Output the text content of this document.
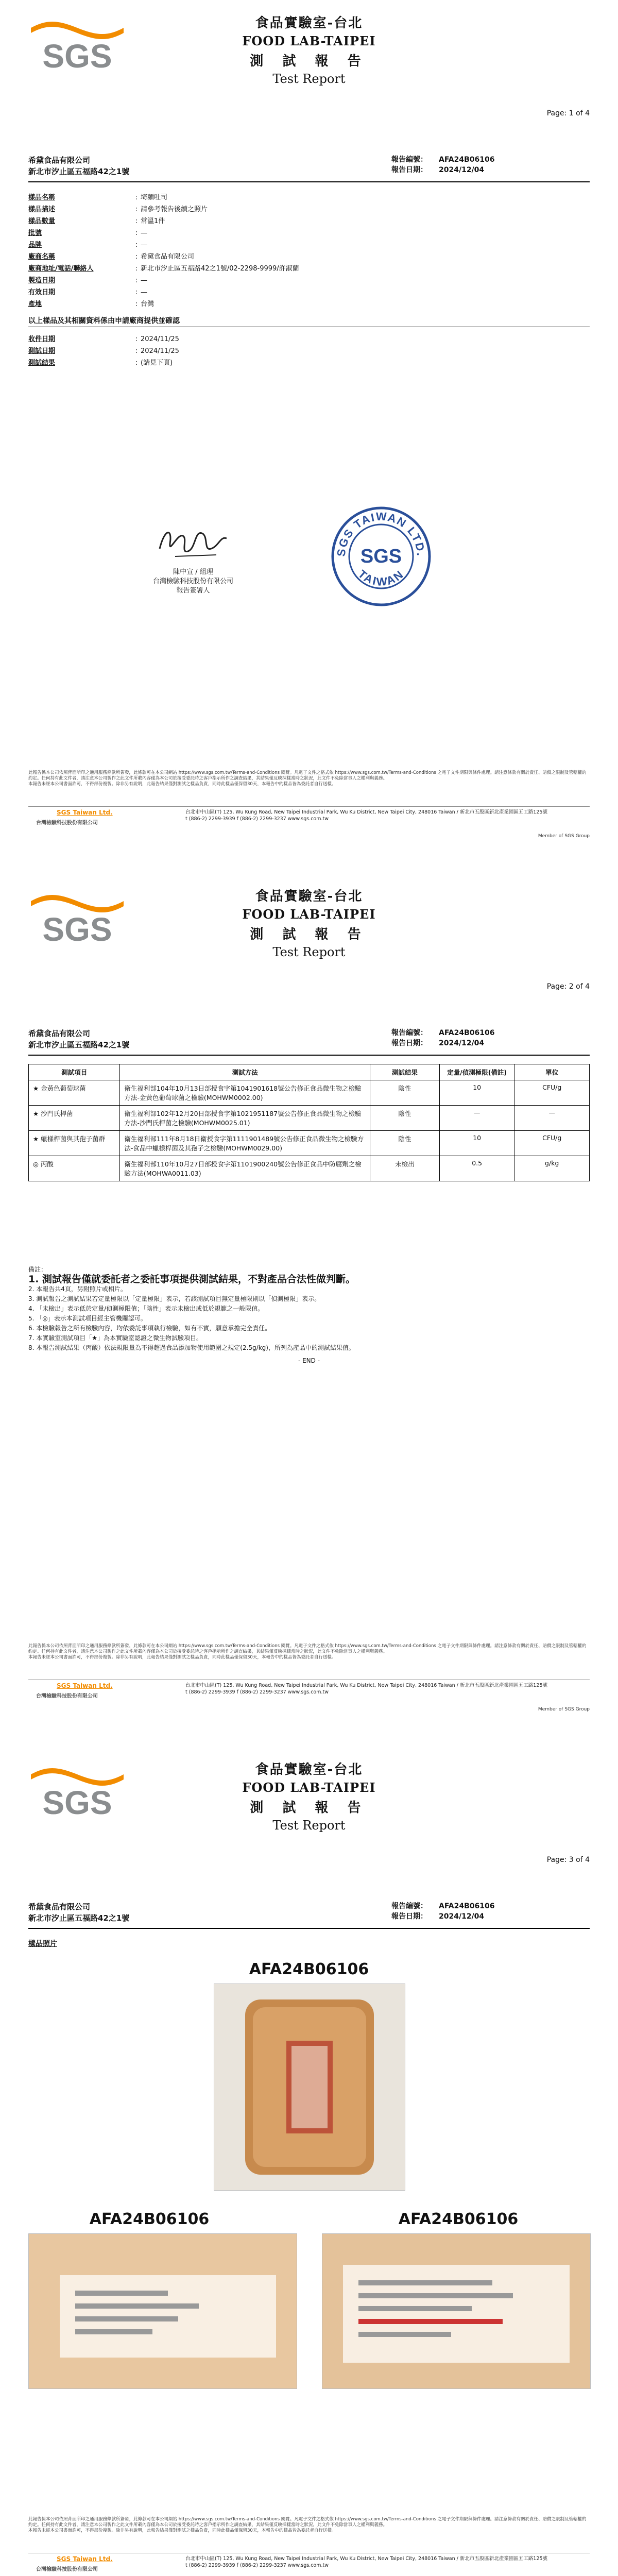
SGS
食品實驗室-台北
FOOD LAB-TAIPEI
測 試 報 告
Test Report
Page: 1 of 4
希黛食品有限公司
新北市汐止區五福路42之1號
報告編號： AFA24B06106
報告日期： 2024/12/04
以上樣品及其相關資料係由申請廠商提供並確認
陳中宣 / 組理
台灣檢驗科技股份有限公司
報告簽署人
SGS TAIWAN LTD.
SGS
TAIWAN
此報告係本公司依照背面所印之通用服務條款所簽發，此條款可在本公司網站 https://www.sgs.com.tw/Terms-and-Conditions 閱覽。凡電子文件之格式依 https://www.sgs.com.tw/Terms-and-Conditions 之電子文件期限與條件處理。請注意條款有關於責任、賠償之限制及管轄權的約定。任何持有此文件者，請注意本公司製作之此文件所載內容僅為本公司於接受委託時之客戶指示所作之調查結果，其結果僅反映採樣當時之狀況，此文件不免除當事人之權利與義務。
本報告未經本公司書面許可，不得部份複製。除非另有說明，此報告結果僅對測試之樣品負責，同時此樣品僅保留30天，本報告中的樣品皆為委託者自行送樣。
SGS Taiwan Ltd.	台北市中山區(T) 125, Wu Kung Road, New Taipei Industrial Park, Wu Ku District, New Taipei City, 248016 Taiwan / 新北市五股區新北產業園區五工路125號
t (886-2) 2299-3939 f (886-2) 2299-3237 www.sgs.com.tw
台灣檢驗科技股份有限公司
Member of SGS Group
樣品名稱	: 埼麵吐司
樣品描述	: 請參考報告後續之照片
樣品數量	: 常溫1件
批號	: —
品牌	: —
廠商名稱	: 希黛食品有限公司
廠商地址/電話/聯絡人	: 新北市汐止區五福路42之1號/02-2298-9999/許淑蘭
製造日期	: —
有效日期	: —
產地	: 台灣
收件日期	: 2024/11/25
測試日期	: 2024/11/25
測試結果	: (請見下頁)
SGS
食品實驗室-台北
FOOD LAB-TAIPEI
測 試 報 告
Test Report
Page: 2 of 4
希黛食品有限公司
新北市汐止區五福路42之1號
報告編號： AFA24B06106
報告日期： 2024/12/04
測試項目	測試方法	測試結果	定量/偵測極限(備註)	單位
★ 金黃色葡萄球菌	衛生福利部104年10月13日部授食字第1041901618號公告修正食品微生物之檢驗方法-金黃色葡萄球菌之檢驗(MOHWM0002.00)	陰性	10	CFU/g
★ 沙門氏桿菌	衛生福利部102年12月20日部授食字第1021951187號公告修正食品微生物之檢驗方法-沙門氏桿菌之檢驗(MOHWM0025.01)	陰性	—	—
★ 蠟樣桿菌與其孢子菌群	衛生福利部111年8月18日衛授食字第1111901489號公告修正食品微生物之檢驗方法-食品中蠟樣桿菌及其孢子之檢驗(MOHWM0029.00)	陰性	10	CFU/g
◎ 丙酸	衛生福利部110年10月27日部授食字第1101900240號公告修正食品中防腐劑之檢驗方法(MOHWA0011.03)	未檢出	0.5	g/kg
備註：
1. 測試報告僅就委託者之委託事項提供測試結果，不對產品合法性做判斷。
2. 本報告共4頁，另附照片或相片。
3. 測試報告之測試結果若定量極限以「定量極限」表示，若該測試項目無定量極限則以「偵測極限」表示。
4. 「未檢出」表示低於定量/偵測極限值；「陰性」表示未檢出或低於規範之一般限值。
5. 「◎」表示本測試項目經主管機關認可。
6. 本檢驗報告之所有檢驗內容，均依委託事項執行檢驗，如有不實，願意承擔完全責任。
7. 本實驗室測試項目「★」為本實驗室認證之微生物試驗項目。
8. 本報告測試結果（丙酸）依法規限量為不得超過食品添加物使用範圍之規定(2.5g/kg)，所列為產品中的測試結果值。
- END -
此報告係本公司依照背面所印之通用服務條款所簽發，此條款可在本公司網站 https://www.sgs.com.tw/Terms-and-Conditions 閱覽。凡電子文件之格式依 https://www.sgs.com.tw/Terms-and-Conditions 之電子文件期限與條件處理。請注意條款有關於責任、賠償之限制及管轄權的約定。任何持有此文件者，請注意本公司製作之此文件所載內容僅為本公司於接受委託時之客戶指示所作之調查結果，其結果僅反映採樣當時之狀況，此文件不免除當事人之權利與義務。
本報告未經本公司書面許可，不得部份複製。除非另有說明，此報告結果僅對測試之樣品負責，同時此樣品僅保留30天，本報告中的樣品皆為委託者自行送樣。
SGS Taiwan Ltd.	台北市中山區(T) 125, Wu Kung Road, New Taipei Industrial Park, Wu Ku District, New Taipei City, 248016 Taiwan / 新北市五股區新北產業園區五工路125號
t (886-2) 2299-3939 f (886-2) 2299-3237 www.sgs.com.tw
台灣檢驗科技股份有限公司
Member of SGS Group
SGS
食品實驗室-台北
FOOD LAB-TAIPEI
測 試 報 告
Test Report
Page: 3 of 4
希黛食品有限公司
新北市汐止區五福路42之1號
報告編號： AFA24B06106
報告日期： 2024/12/04
樣品照片
AFA24B06106
AFA24B06106	AFA24B06106
此報告係本公司依照背面所印之通用服務條款所簽發，此條款可在本公司網站 https://www.sgs.com.tw/Terms-and-Conditions 閱覽。凡電子文件之格式依 https://www.sgs.com.tw/Terms-and-Conditions 之電子文件期限與條件處理。請注意條款有關於責任、賠償之限制及管轄權的約定。任何持有此文件者，請注意本公司製作之此文件所載內容僅為本公司於接受委託時之客戶指示所作之調查結果，其結果僅反映採樣當時之狀況，此文件不免除當事人之權利與義務。
本報告未經本公司書面許可，不得部份複製。除非另有說明，此報告結果僅對測試之樣品負責，同時此樣品僅保留30天，本報告中的樣品皆為委託者自行送樣。
SGS Taiwan Ltd.	台北市中山區(T) 125, Wu Kung Road, New Taipei Industrial Park, Wu Ku District, New Taipei City, 248016 Taiwan / 新北市五股區新北產業園區五工路125號
t (886-2) 2299-3939 f (886-2) 2299-3237 www.sgs.com.tw
台灣檢驗科技股份有限公司
